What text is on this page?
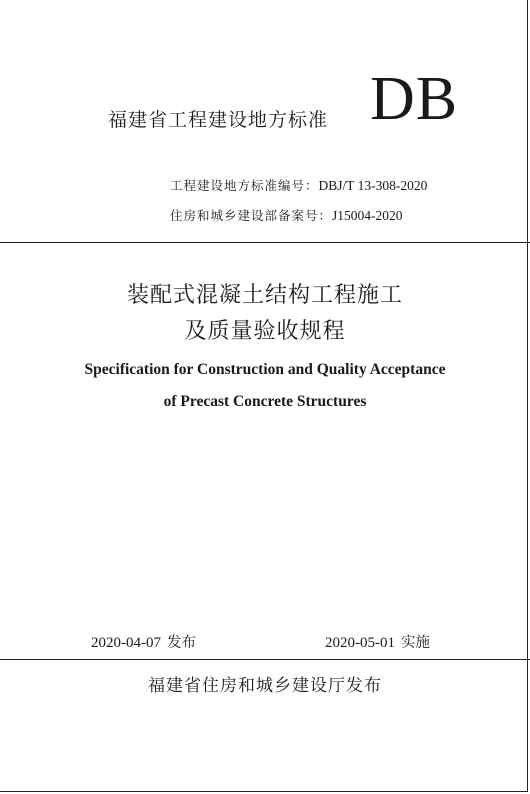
福建省工程建设地方标准 DB
工程建设地方标准编号：DBJ/T 13-308-2020
住房和城乡建设部备案号：J15004-2020
装配式混凝土结构工程施工
及质量验收规程
Specification for Construction and Quality Acceptance
of Precast Concrete Structures
2020-04-07 发布	2020-05-01 实施
福建省住房和城乡建设厅发布
